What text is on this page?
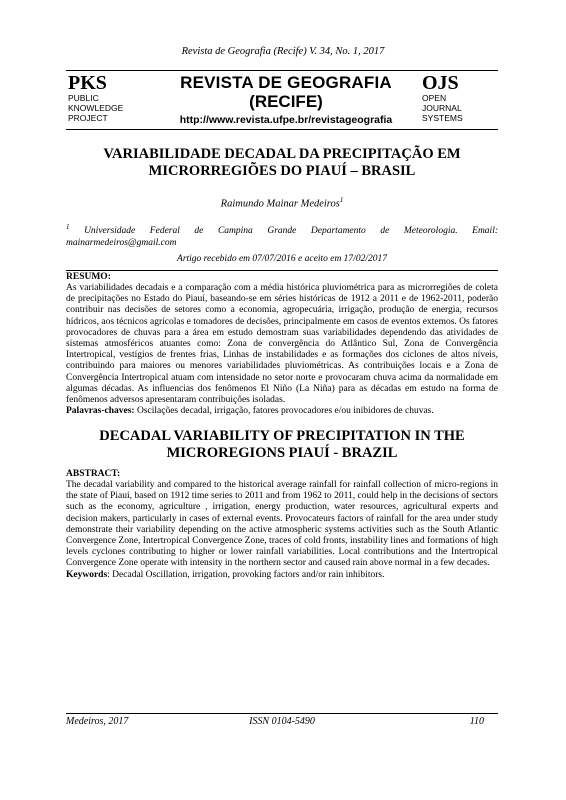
Revista de Geografia (Recife) V. 34, No. 1, 2017
PKS
PUBLIC
KNOWLEDGE
PROJECT
REVISTA DE GEOGRAFIA
(RECIFE)
http://www.revista.ufpe.br/revistageografia
OJS
OPEN
JOURNAL
SYSTEMS
VARIABILIDADE DECADAL DA PRECIPITAÇÃO EM MICRORREGIÕES DO PIAUÍ – BRASIL
Raimundo Mainar Medeiros$^1$
$^1$ Universidade Federal de Campina Grande Departamento de Meteorologia. Email: mainarmedeiros@gmail.com
Artigo recebido em 07/07/2016 e aceito em 17/02/2017
RESUMO:
As variabilidades decadais e a comparação com a média histórica pluviométrica para as microrregiões de coleta de precipitações no Estado do Piauí, baseando-se em séries históricas de 1912 a 2011 e de 1962-2011, poderão contribuir nas decisões de setores como a economia, agropecuária, irrigação, produção de energia, recursos hídricos, aos técnicos agrícolas e tomadores de decisões, principalmente em casos de eventos extemos. Os fatores provocadores de chuvas para a área em estudo demostram suas variabilidades dependendo das atividades de sistemas atmosféricos atuantes como: Zona de convergência do Atlântico Sul, Zona de Convergência Intertropical, vestígios de frentes frias, Linhas de instabilidades e as formações dos ciclones de altos níveis, contribuindo para maiores ou menores variabilidades pluviométricas. As contribuições locais e a Zona de Convergência Intertropical atuam com intensidade no setor norte e provocaram chuva acima da normalidade em algumas décadas. As influencias dos fenômenos El Niño (La Niña) para as décadas em estudo na forma de fenômenos adversos apresentaram contribuições isoladas.
Palavras-chaves: Oscilações decadal, irrigação, fatores provocadores e/ou inibidores de chuvas.
DECADAL VARIABILITY OF PRECIPITATION IN THE MICROREGIONS PIAUÍ - BRAZIL
ABSTRACT:
The decadal variability and compared to the historical average rainfall for rainfall collection of micro-regions in the state of Piauí, based on 1912 time series to 2011 and from 1962 to 2011, could help in the decisions of sectors such as the economy, agriculture , irrigation, energy production, water resources, agricultural experts and decision makers, particularly in cases of external events. Provocateurs factors of rainfall for the area under study demonstrate their variability depending on the active atmospheric systems activities such as the South Atlantic Convergence Zone, Intertropical Convergence Zone, traces of cold fronts, instability lines and formations of high levels cyclones contributing to higher or lower rainfall variabilities. Local contributions and the Intertropical Convergence Zone operate with intensity in the northern sector and caused rain above normal in a few decades.
Keywords: Decadal Oscillation, irrigation, provoking factors and/or rain inhibitors.
Medeiros, 2017	ISSN 0104-5490	110
